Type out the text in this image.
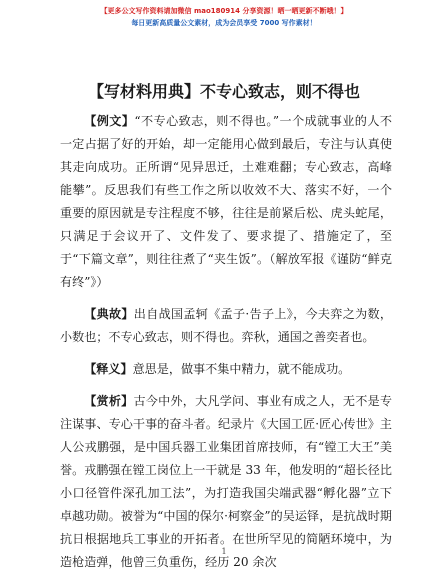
【更多公文写作资料请加微信 mao180914 分享资源！晒一晒更新不断哦！】
每日更新高质量公文素材，成为会员享受 7000 写作素材！
【写材料用典】不专心致志，则不得也

【例文】“不专心致志，则不得也。”一个成就事业的人不一定占据了好的开始，却一定能用心做到最后，专注与认真使其走向成功。正所谓“见异思迁，土难难翻；专心致志，高峰能攀”。反思我们有些工作之所以收效不大、落实不好，一个重要的原因就是专注程度不够，往往是前紧后松、虎头蛇尾，只满足于会议开了、文件发了、要求提了、措施定了，至于“下篇文章”，则往往煮了“夹生饭”。（解放军报《谨防“鲜克有终”》）

【典故】出自战国孟轲《孟子·告子上》，今夫弈之为数，小数也；不专心致志，则不得也。弈秋，通国之善奕者也。

【释义】意思是，做事不集中精力，就不能成功。

【赏析】古今中外，大凡学问、事业有成之人，无不是专注谋事、专心干事的奋斗者。纪录片《大国工匠·匠心传世》主人公戎鹏强，是中国兵器工业集团首席技师，有“镗工大王”美誉。戎鹏强在镗工岗位上一干就是 33 年，他发明的“超长径比小口径管件深孔加工法”，为打造我国尖端武器“孵化器”立下卓越功勋。被誉为“中国的保尔·柯察金”的吴运铎，是抗战时期抗日根据地兵工事业的开拓者。在世所罕见的简陋环境中，为造枪造弹，他曾三负重伤，经历 20 余次

1
